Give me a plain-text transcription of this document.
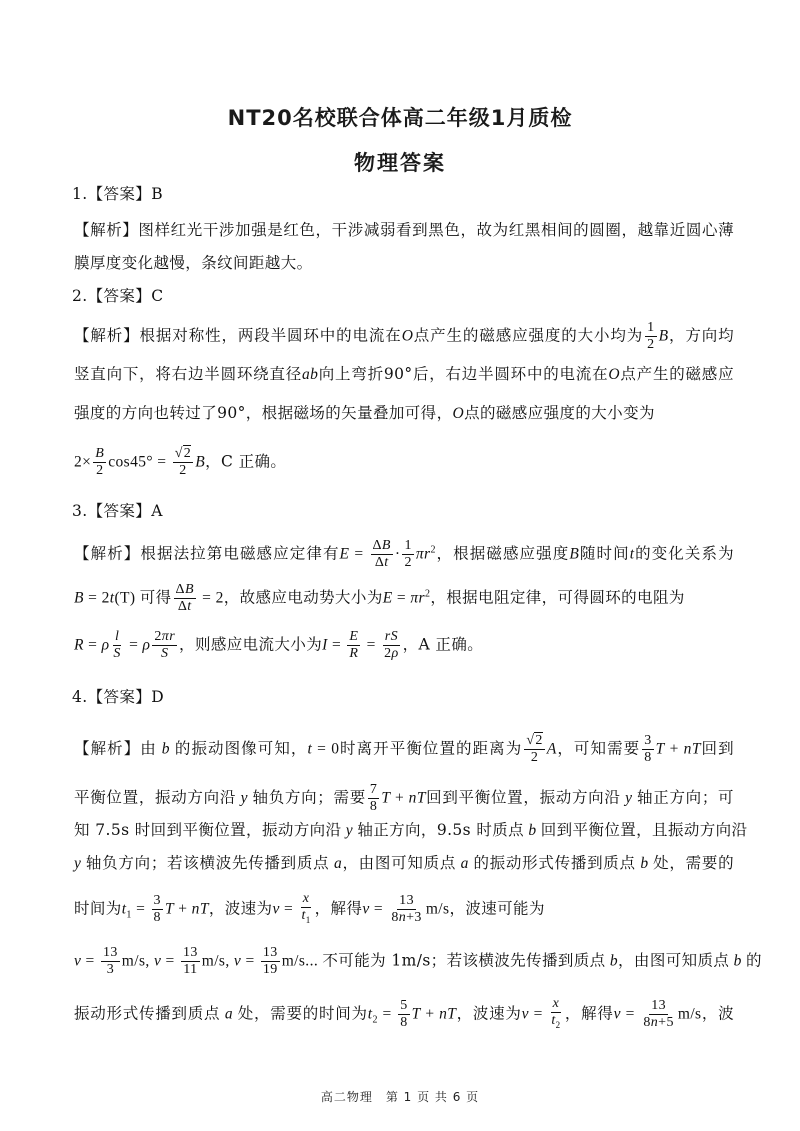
NT20名校联合体高二年级1月质检
物理答案
1.【答案】B
【解析】图样红光干涉加强是红色，干涉减弱看到黑色，故为红黑相间的圆圈，越靠近圆心薄
膜厚度变化越慢，条纹间距越大。
2.【答案】C
【解析】根据对称性，两段半圆环中的电流在O点产生的磁感应强度的大小均为 $\frac{1}{2}$ B，方向均
竖直向下，将右边半圆环绕直径ab向上弯折90°后，右边半圆环中的电流在O点产生的磁感应
强度的方向也转过了90°，根据磁场的矢量叠加可得，O点的磁感应强度的大小变为
$2\times \frac{B}{2} \cos 45^\circ = \frac{√2}{2}$ B，C 正确。
3.【答案】A
【解析】根据法拉第电磁感应定律有$E = \frac{\Delta B}{\Delta t} \cdot \frac{1}{2} \pi r^2$，根据磁感应强度B随时间t的变化关系为
B = 2t(T) 可得 $\frac{\Delta B}{\Delta t} = 2$，故感应电动势大小为$E = \pi r^2$，根据电阻定律，可得圆环的电阻为
R = ρ $\frac{l}{S} = \rho \frac{2\pi r}{S}$ ，则感应电流大小为$I = \frac{E}{R} = \frac{rS}{2\rho}$ ，A 正确。
4.【答案】D
【解析】由 b 的振动图像可知，t = 0时离开平衡位置的距离为 $\frac{√2}{2}$ A，可知需要 $\frac{3}{8}$ T + nT回到
平衡位置，振动方向沿 y 轴负方向；需要 $\frac{7}{8}$ T + nT回到平衡位置，振动方向沿 y 轴正方向；可
知 7.5s 时回到平衡位置，振动方向沿 y 轴正方向，9.5s 时质点 b 回到平衡位置，且振动方向沿
y 轴负方向；若该横波先传播到质点 a，由图可知质点 a 的振动形式传播到质点 b 处，需要的
时间为$t_1 = \frac{3}{8}$ T + nT，波速为$v = \frac{x}{t_1}$ ，解得$v = \frac{13}{8n+3} m/s$，波速可能为
$v = \frac{13}{3} m/s$, $v = \frac{13}{11} m/s$, $v = \frac{13}{19} m/s$... 不可能为 1m/s；若该横波先传播到质点 b，由图可知质点 b 的
振动形式传播到质点 a 处，需要的时间为$t_2 = \frac{5}{8}$ T + nT，波速为$v = \frac{x}{t_2}$ ，解得$v = \frac{13}{8n+5} m/s$，波
高二物理　第 1 页 共 6 页
